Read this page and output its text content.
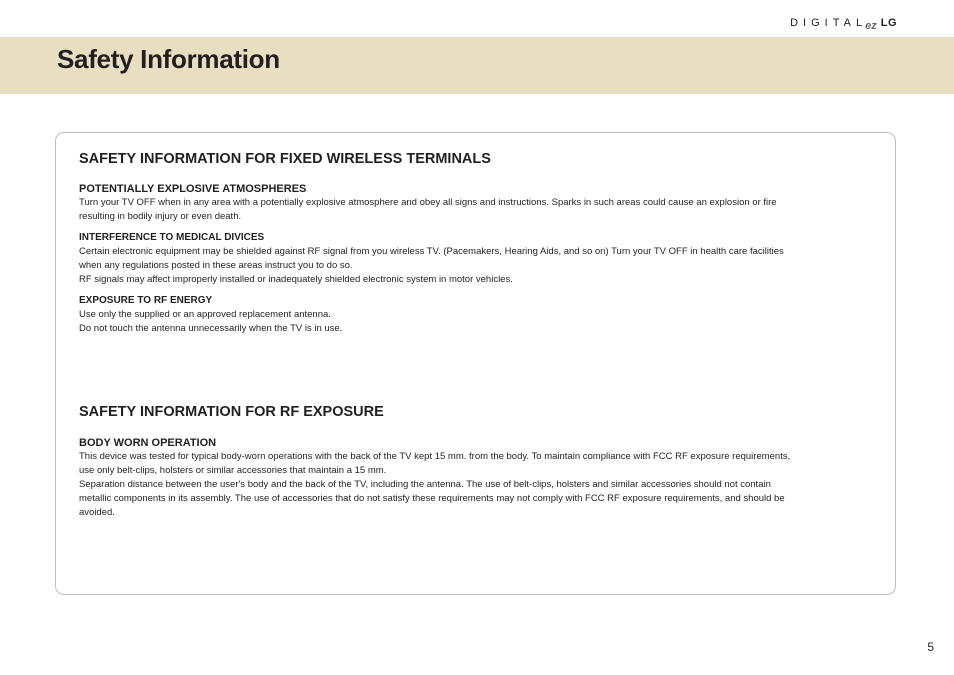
DIGITAL
ez LG
Safety Information
SAFETY INFORMATION FOR FIXED WIRELESS TERMINALS
POTENTIALLY EXPLOSIVE ATMOSPHERES

Turn your TV OFF when in any area with a potentially explosive atmosphere and obey all signs and instructions. Sparks in such areas could cause an explosion or fire

resulting in bodily injury or even death.

INTERFERENCE TO MEDICAL DIVICES

Certain electronic equipment may be shielded against RF signal from you wireless TV. (Pacemakers, Hearing Aids, and so on) Turn your TV OFF in health care facilities

when any regulations posted in these areas instruct you to do so.

RF signals may affect improperly installed or inadequately shielded electronic system in motor vehicles.

EXPOSURE TO RF ENERGY

Use only the supplied or an approved replacement antenna.

Do not touch the antenna unnecessarily when the TV is in use.

SAFETY INFORMATION FOR RF EXPOSURE
BODY WORN OPERATION

This device was tested for typical body-worn operations with the back of the TV kept 15 mm. from the body. To maintain compliance with FCC RF exposure requirements,

use only belt-clips, holsters or similar accessories that maintain a 15 mm.

Separation distance between the user's body and the back of the TV, including the antenna. The use of belt-clips, holsters and similar accessories should not contain

metallic components in its assembly. The use of accessories that do not satisfy these requirements may not comply with FCC RF exposure requirements, and should be

avoided.

5
